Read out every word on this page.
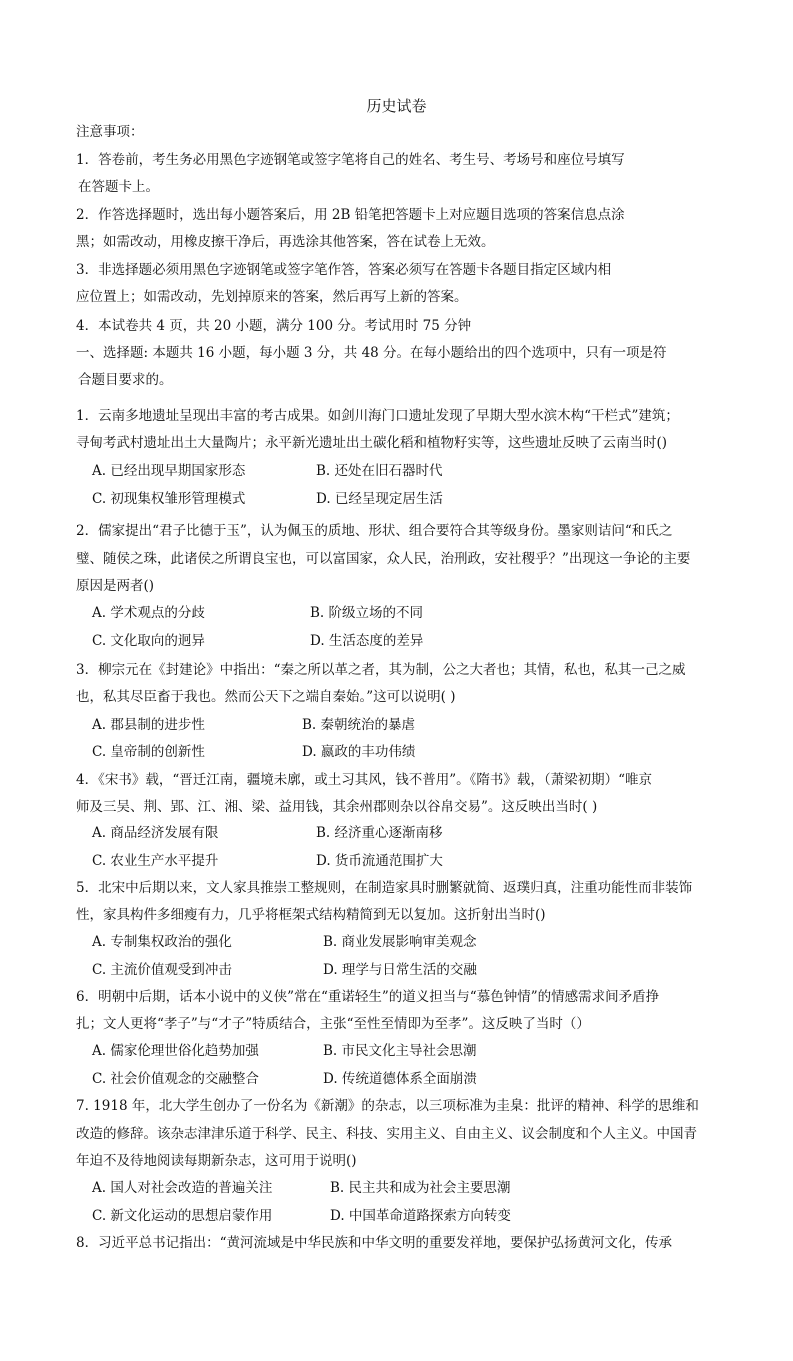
历史试卷
注意事项：
1．答卷前，考生务必用黑色字迹钢笔或签字笔将自己的姓名、考生号、考场号和座位号填写
在答题卡上。
2．作答选择题时，选出每小题答案后，用 2B 铅笔把答题卡上对应题目选项的答案信息点涂
黑；如需改动，用橡皮擦干净后，再选涂其他答案，答在试卷上无效。
3．非选择题必须用黑色字迹钢笔或签字笔作答，答案必须写在答题卡各题目指定区域内相
应位置上；如需改动，先划掉原来的答案，然后再写上新的答案。
4．本试卷共 4 页，共 20 小题，满分 100 分。考试用时 75 分钟
一、选择题: 本题共 16 小题，每小题 3 分，共 48 分。在每小题给出的四个选项中，只有一项是符
合题目要求的。
1．云南多地遗址呈现出丰富的考古成果。如剑川海门口遗址发现了早期大型水滨木构“干栏式”建筑；
寻甸考武村遗址出土大量陶片；永平新光遗址出土碳化稻和植物籽实等，这些遗址反映了云南当时()
A. 已经出现早期国家形态	B. 还处在旧石器时代
C. 初现集权雏形管理模式	D. 已经呈现定居生活
2．儒家提出“君子比德于玉”，认为佩玉的质地、形状、组合要符合其等级身份。墨家则诘问“和氏之
璧、随侯之珠，此诸侯之所谓良宝也，可以富国家，众人民，治刑政，安社稷乎？”出现这一争论的主要
原因是两者()
A. 学术观点的分歧	B. 阶级立场的不同
C. 文化取向的迥异	D. 生活态度的差异
3．柳宗元在《封建论》中指出：“秦之所以革之者，其为制，公之大者也；其情，私也，私其一己之威
也，私其尽臣畜于我也。然而公天下之端自秦始。”这可以说明( )
A. 郡县制的进步性	B. 秦朝统治的暴虐
C. 皇帝制的创新性	D. 嬴政的丰功伟绩
4．《宋书》载，“晋迁江南，疆境未廓，或土习其风，钱不普用”。《隋书》载，（萧梁初期）“唯京
师及三吴、荆、郢、江、湘、梁、益用钱，其余州郡则杂以谷帛交易”。这反映出当时( )
A. 商品经济发展有限	B. 经济重心逐渐南移
C. 农业生产水平提升	D. 货币流通范围扩大
5．北宋中后期以来，文人家具推崇工整规则，在制造家具时删繁就简、返璞归真，注重功能性而非装饰
性，家具构件多细瘦有力，几乎将框架式结构精简到无以复加。这折射出当时()
A. 专制集权政治的强化	B. 商业发展影响审美观念
C. 主流价值观受到冲击	D. 理学与日常生活的交融
6．明朝中后期，话本小说中的义侠”常在“重诺轻生”的道义担当与“慕色钟情”的情感需求间矛盾挣
扎；文人更将“孝子”与“才子”特质结合，主张“至性至情即为至孝”。这反映了当时（）
A. 儒家伦理世俗化趋势加强	B. 市民文化主导社会思潮
C. 社会价值观念的交融整合	D. 传统道德体系全面崩溃
7. 1918 年，北大学生创办了一份名为《新潮》的杂志，以三项标准为圭臬：批评的精神、科学的思维和
改造的修辞。该杂志津津乐道于科学、民主、科技、实用主义、自由主义、议会制度和个人主义。中国青
年迫不及待地阅读每期新杂志，这可用于说明()
A. 国人对社会改造的普遍关注	B. 民主共和成为社会主要思潮
C. 新文化运动的思想启蒙作用	D. 中国革命道路探索方向转变
8．习近平总书记指出：“黄河流域是中华民族和中华文明的重要发祥地，要保护弘扬黄河文化，传承
